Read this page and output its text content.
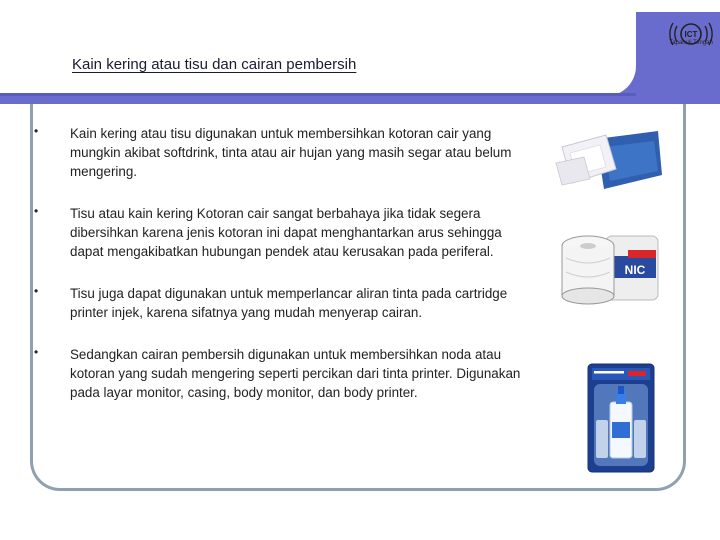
Kain kering atau tisu dan cairan pembersih
ICT
Tapanuli Tengah
• Kain kering atau tisu digunakan untuk membersihkan kotoran cair yang mungkin akibat softdrink, tinta atau air hujan yang masih segar atau belum mengering.
• Tisu atau kain kering Kotoran cair sangat berbahaya jika tidak segera dibersihkan karena jenis kotoran ini dapat menghantarkan arus sehingga dapat mengakibatkan hubungan pendek atau kerusakan pada periferal.
• Tisu juga dapat digunakan untuk memperlancar aliran tinta pada cartridge printer injek, karena sifatnya yang mudah menyerap cairan.
• Sedangkan cairan pembersih digunakan untuk membersihkan noda atau kotoran yang sudah mengering seperti percikan dari tinta printer. Digunakan pada layar monitor, casing, body monitor, dan body printer.
NIC
